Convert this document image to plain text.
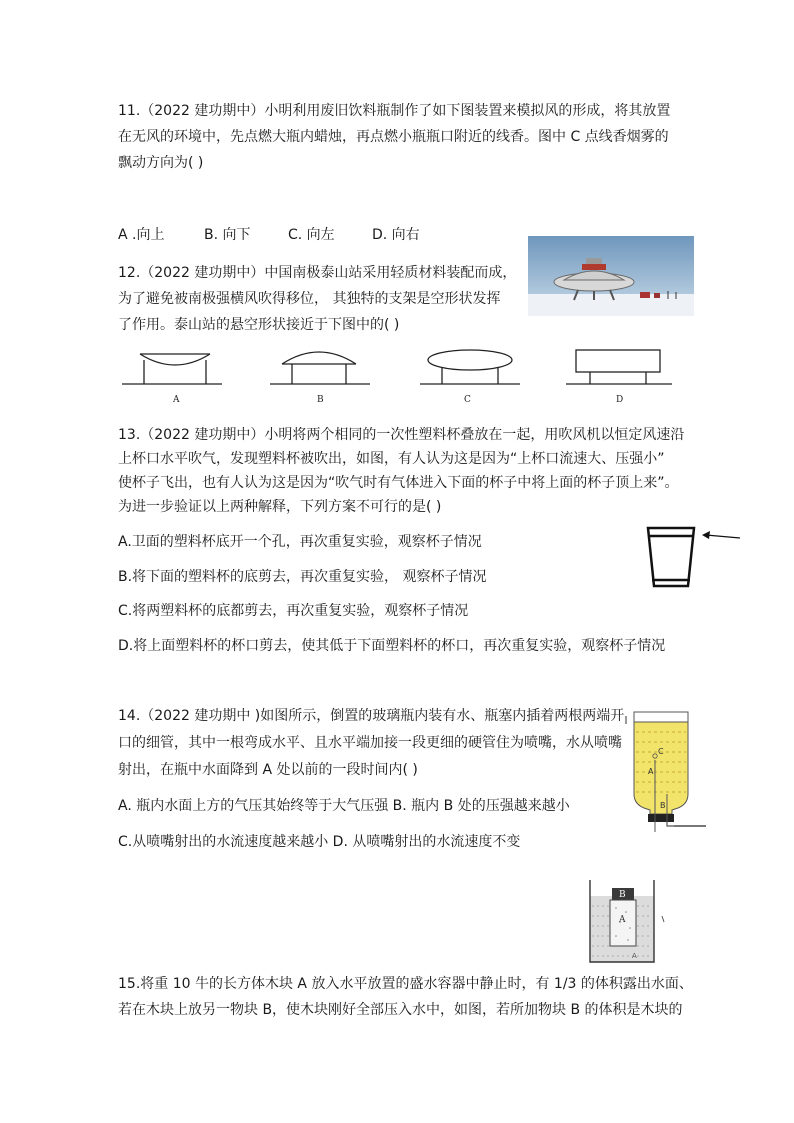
11.（2022 建功期中）小明利用废旧饮料瓶制作了如下图装置来模拟风的形成，将其放置
在无风的环境中，先点燃大瓶内蜡烛，再点燃小瓶瓶口附近的线香。图中 C 点线香烟雾的
飘动方向为( )
A .向上	B. 向下	C. 向左	D. 向右
12.（2022 建功期中）中国南极泰山站采用轻质材料装配而成，
为了避免被南极强横风吹得移位， 其独特的支架是空形状发挥
了作用。泰山站的悬空形状接近于下图中的( )
A	B	C	D
13.（2022 建功期中）小明将两个相同的一次性塑料杯叠放在一起，用吹风机以恒定风速沿
上杯口水平吹气，发现塑料杯被吹出，如图，有人认为这是因为“上杯口流速大、压强小”
使杯子飞出，也有人认为这是因为“吹气时有气体进入下面的杯子中将上面的杯子顶上来”。
为进一步验证以上两种解释，下列方案不可行的是( )
A.卫面的塑料杯底开一个孔，再次重复实验，观察杯子情况
B.将下面的塑料杯的底剪去，再次重复实验， 观察杯子情况
C.将两塑料杯的底都剪去，再次重复实验，观察杯子情况
D.将上面塑料杯的杯口剪去，使其低于下面塑料杯的杯口，再次重复实验，观察杯子情况
14.（2022 建功期中 )如图所示，倒置的玻璃瓶内装有水、瓶塞内插着两根两端开
口的细管，其中一根弯成水平、且水平端加接一段更细的硬管住为喷嘴，水从喷嘴
射出，在瓶中水面降到 A 处以前的一段时间内( )
A. 瓶内水面上方的气压其始终等于大气压强 B. 瓶内 B 处的压强越来越小
C.从喷嘴射出的水流速度越来越小 D. 从喷嘴射出的水流速度不变
C
A
B
B
A
A
15.将重 10 牛的长方体木块 A 放入水平放置的盛水容器中静止时，有 1/3 的体积露出水面、
若在木块上放另一物块 B，使木块刚好全部压入水中，如图，若所加物块 B 的体积是木块的
